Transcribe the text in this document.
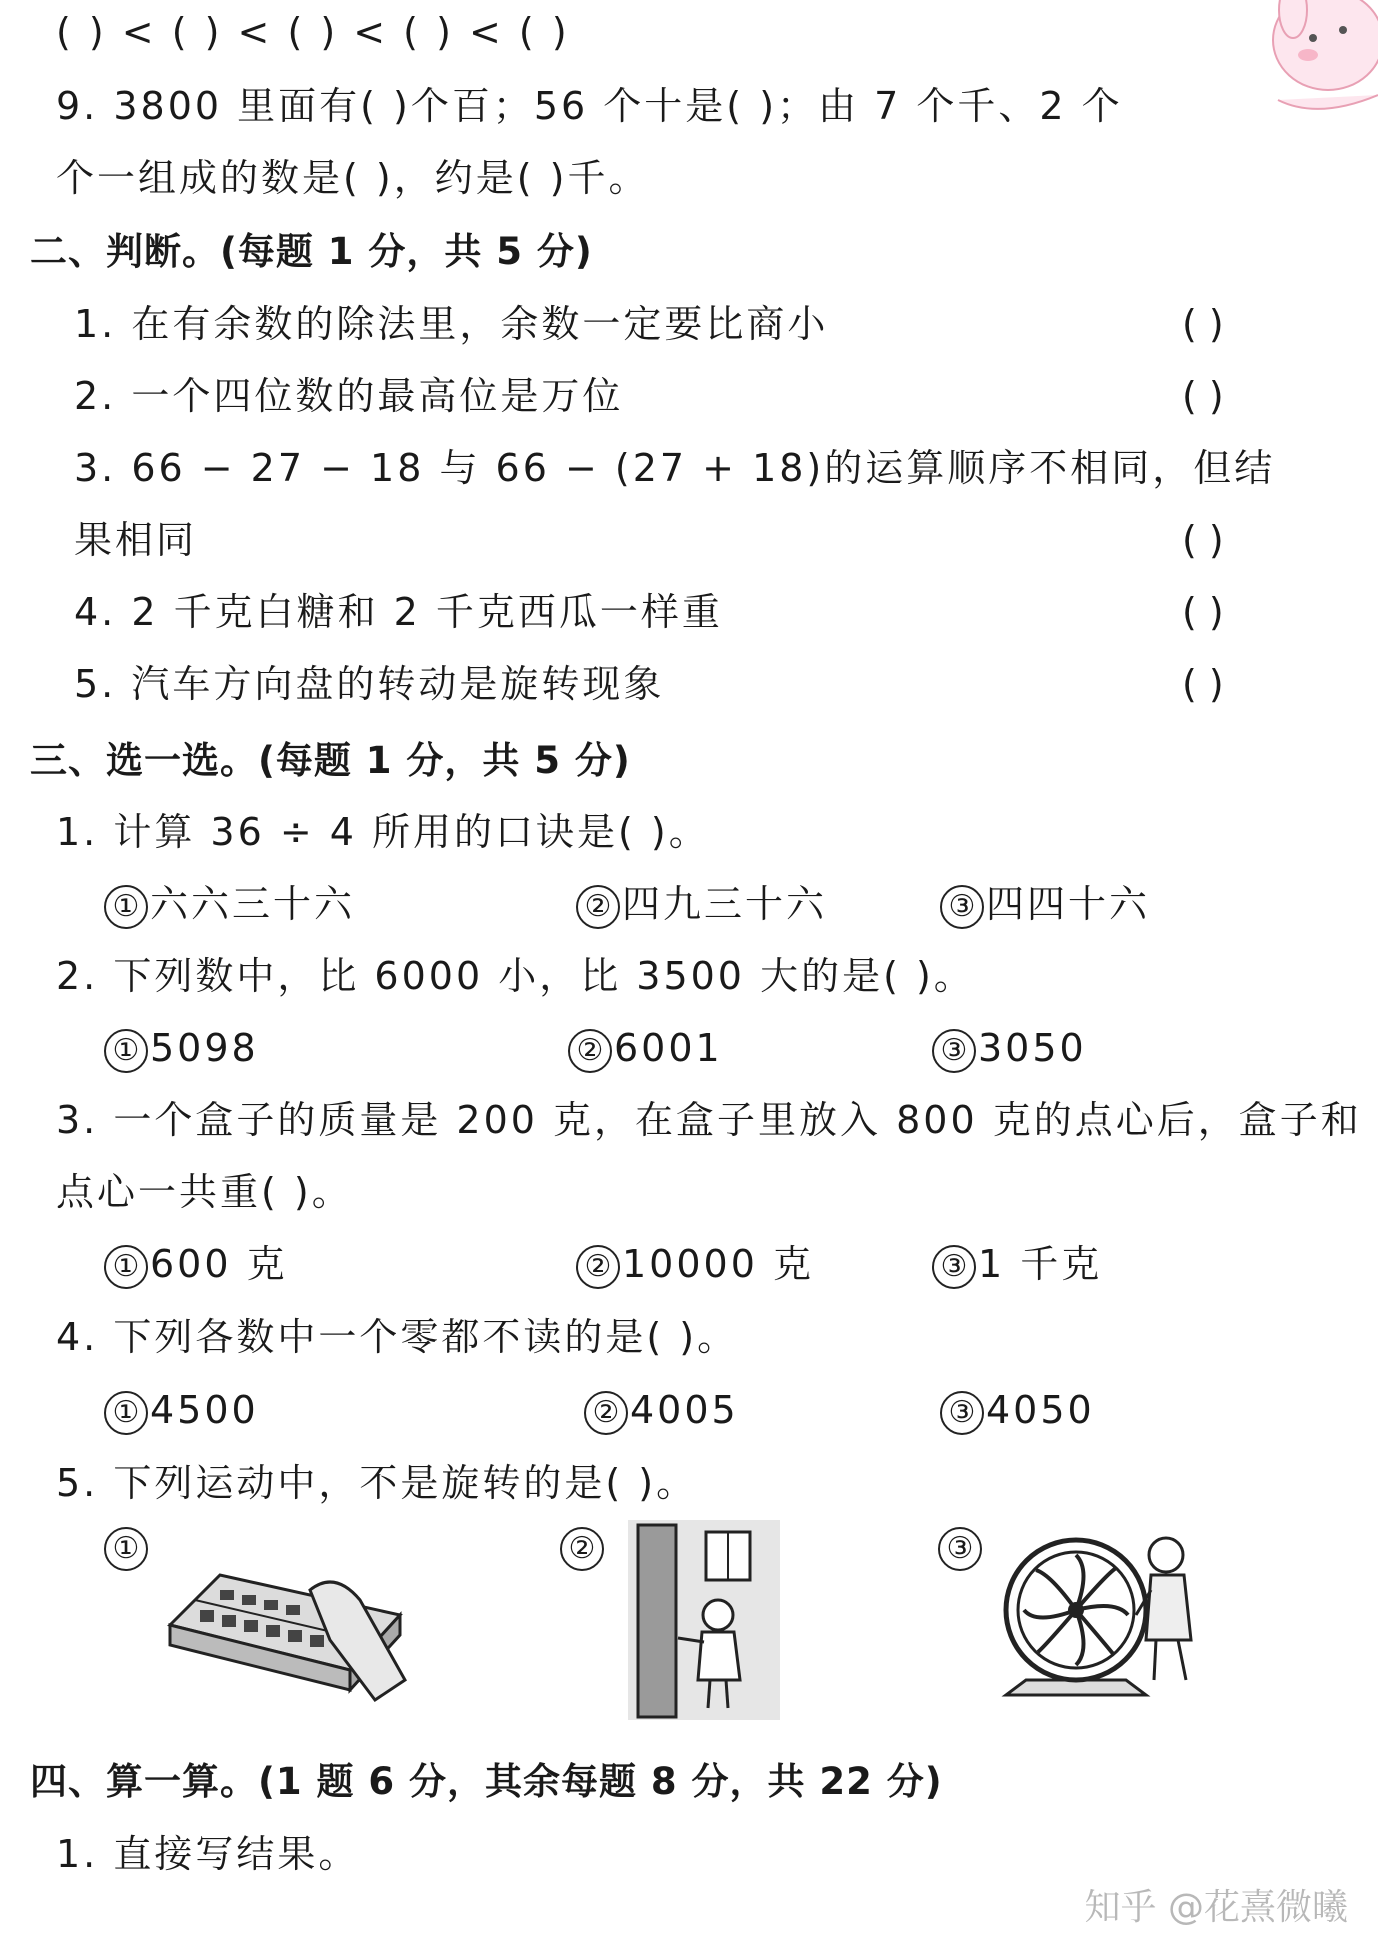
( ) < ( ) < ( ) < ( ) < ( )
9. 3800 里面有( )个百；56 个十是( )；由 7 个千、2 个
个一组成的数是( )，约是( )千。
二、判断。(每题 1 分，共 5 分)
1. 在有余数的除法里，余数一定要比商小	( )
2. 一个四位数的最高位是万位	( )
3. 66 − 27 − 18 与 66 − (27 + 18)的运算顺序不相同，但结
果相同	( )
4. 2 千克白糖和 2 千克西瓜一样重	( )
5. 汽车方向盘的转动是旋转现象	( )
三、选一选。(每题 1 分，共 5 分)
1. 计算 36 ÷ 4 所用的口诀是( )。
① 六六三十六	② 四九三十六	③ 四四十六
2. 下列数中，比 6000 小，比 3500 大的是( )。
① 5098	② 6001	③ 3050
3. 一个盒子的质量是 200 克，在盒子里放入 800 克的点心后，盒子和
点心一共重( )。
① 600 克	② 10000 克	③ 1 千克
4. 下列各数中一个零都不读的是( )。
① 4500	② 4005	③ 4050
5. 下列运动中，不是旋转的是( )。
①	②	③
四、算一算。(1 题 6 分，其余每题 8 分，共 22 分)
1. 直接写结果。
知乎 @花熹微曦
